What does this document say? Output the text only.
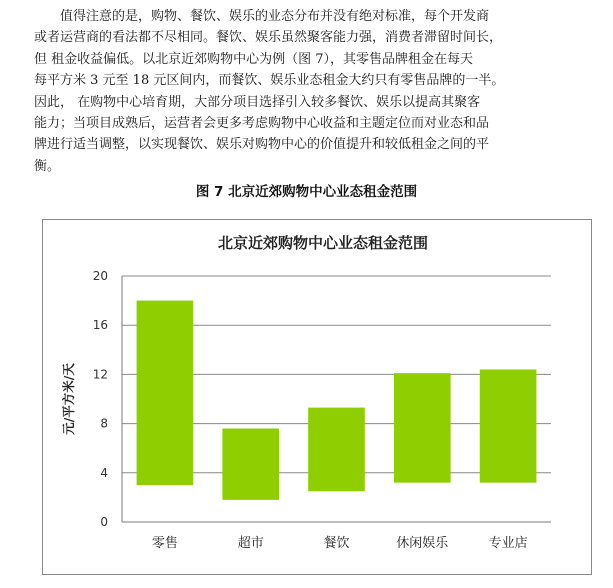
值得注意的是，购物、餐饮、娱乐的业态分布并没有绝对标准，每个开发商
或者运营商的看法都不尽相同。餐饮、娱乐虽然聚客能力强，消费者滞留时间长，
但 租金收益偏低。以北京近郊购物中心为例（图 7），其零售品牌租金在每天
每平方米 3 元至 18 元区间内，而餐饮、娱乐业态租金大约只有零售品牌的一半。
因此， 在购物中心培育期，大部分项目选择引入较多餐饮、娱乐以提高其聚客
能力；当项目成熟后，运营者会更多考虑购物中心收益和主题定位而对业态和品
牌进行适当调整，以实现餐饮、娱乐对购物中心的价值提升和较低租金之间的平
衡。

图 7 北京近郊购物中心业态租金范围
北京近郊购物中心业态租金范围
元/平方米/天
0
4
8
12
16
20
零售	超市	餐饮	休闲娱乐	专业店
